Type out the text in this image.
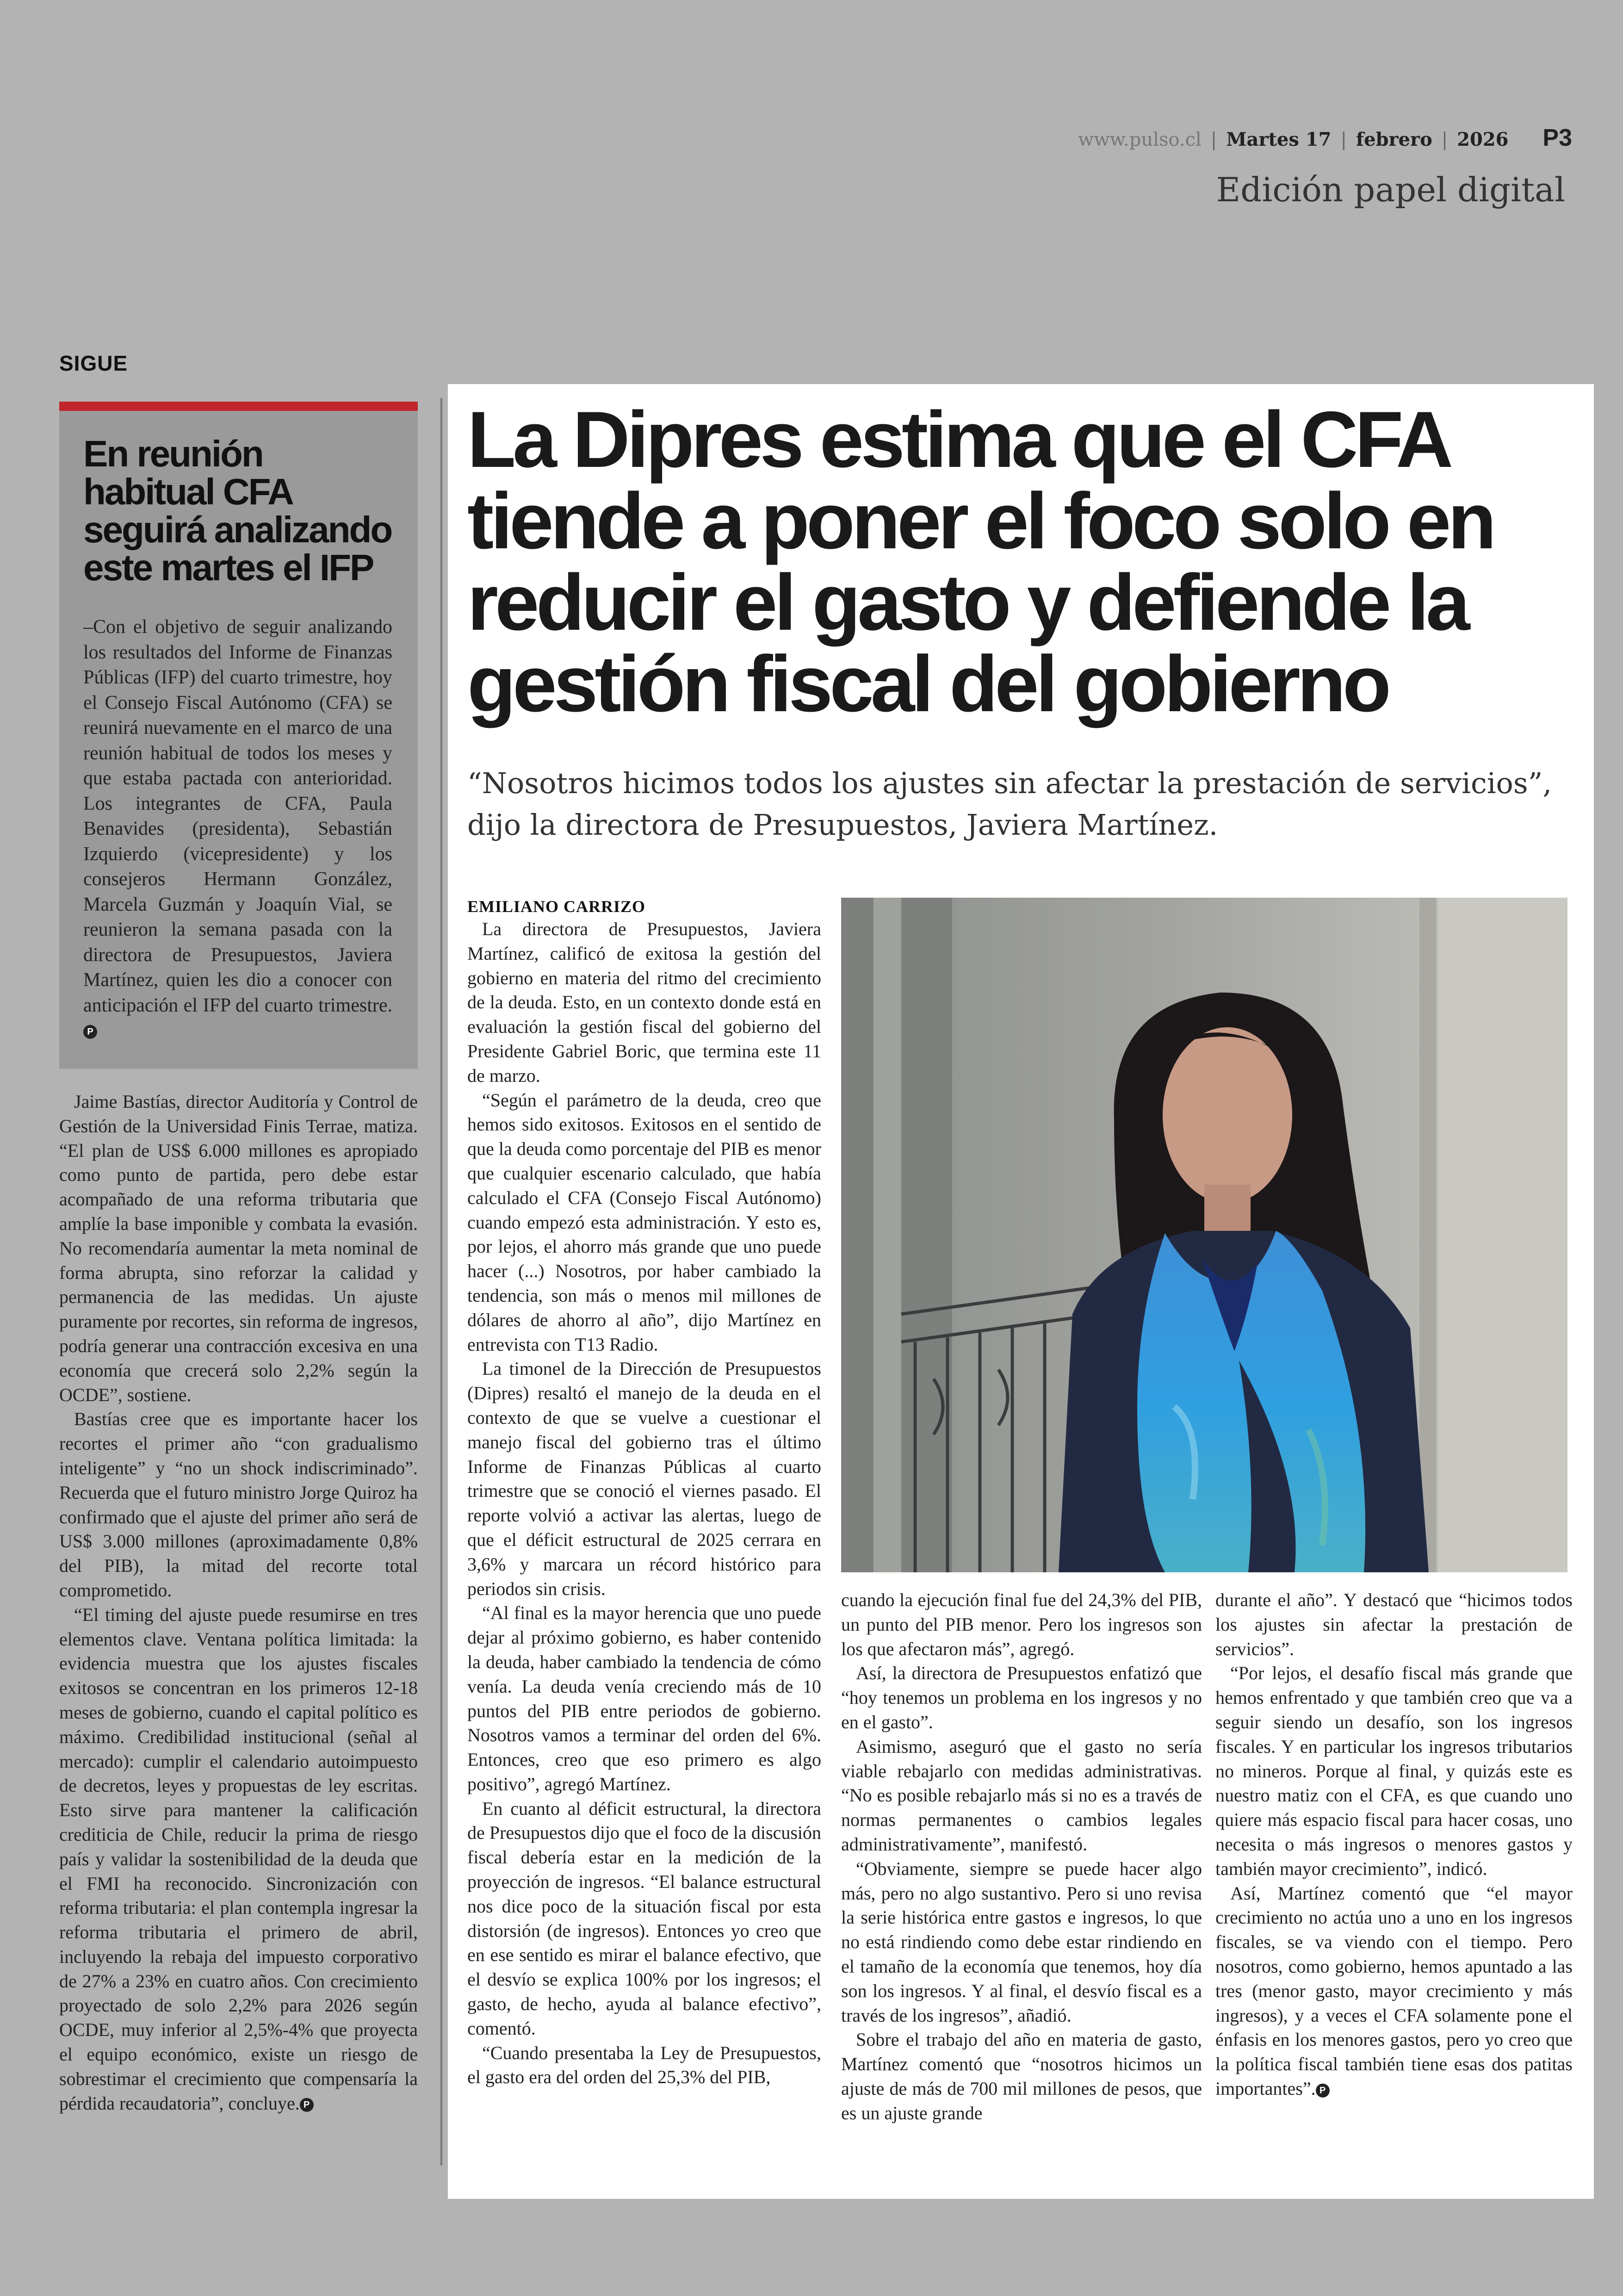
www.pulso.cl | Martes 17 | febrero | 2026 P3
Edición papel digital
SIGUE
En reunión habitual CFA seguirá analizando este martes el IFP

–Con el objetivo de seguir analizando los resultados del Informe de Finanzas Públicas (IFP) del cuarto trimestre, hoy el Consejo Fiscal Autónomo (CFA) se reunirá nuevamente en el marco de una reunión habitual de todos los meses y que estaba pactada con anterioridad. Los integrantes de CFA, Paula Benavides (presidenta), Sebastián Izquierdo (vicepresidente) y los consejeros Hermann González, Marcela Guzmán y Joaquín Vial, se reunieron la semana pasada con la directora de Presupuestos, Javiera Martínez, quien les dio a conocer con anticipación el IFP del cuarto trimestre. P

Jaime Bastías, director Auditoría y Control de Gestión de la Universidad Finis Terrae, matiza. “El plan de US$ 6.000 millones es apropiado como punto de partida, pero debe estar acompañado de una reforma tributaria que amplíe la base imponible y combata la evasión. No recomendaría aumentar la meta nominal de forma abrupta, sino reforzar la calidad y permanencia de las medidas. Un ajuste puramente por recortes, sin reforma de ingresos, podría generar una contracción excesiva en una economía que crecerá solo 2,2% según la OCDE”, sostiene.

Bastías cree que es importante hacer los recortes el primer año “con gradualismo inteligente” y “no un shock indiscriminado”. Recuerda que el futuro ministro Jorge Quiroz ha confirmado que el ajuste del primer año será de US$ 3.000 millones (aproximadamente 0,8% del PIB), la mitad del recorte total comprometido.

“El timing del ajuste puede resumirse en tres elementos clave. Ventana política limitada: la evidencia muestra que los ajustes fiscales exitosos se concentran en los primeros 12-18 meses de gobierno, cuando el capital político es máximo. Credibilidad institucional (señal al mercado): cumplir el calendario autoimpuesto de decretos, leyes y propuestas de ley escritas. Esto sirve para mantener la calificación crediticia de Chile, reducir la prima de riesgo país y validar la sostenibilidad de la deuda que el FMI ha reconocido. Sincronización con reforma tributaria: el plan contempla ingresar la reforma tributaria el primero de abril, incluyendo la rebaja del impuesto corporativo de 27% a 23% en cuatro años. Con crecimiento proyectado de solo 2,2% para 2026 según OCDE, muy inferior al 2,5%-4% que proyecta el equipo económico, existe un riesgo de sobrestimar el crecimiento que compensaría la pérdida recaudatoria”, concluye. P

La Dipres estima que el CFA tiende a poner el foco solo en reducir el gasto y defiende la gestión fiscal del gobierno
“Nosotros hicimos todos los ajustes sin afectar la prestación de servicios”, dijo la directora de Presupuestos, Javiera Martínez.
EMILIANO CARRIZO

La directora de Presupuestos, Javiera Martínez, calificó de exitosa la gestión del gobierno en materia del ritmo del crecimiento de la deuda. Esto, en un contexto donde está en evaluación la gestión fiscal del gobierno del Presidente Gabriel Boric, que termina este 11 de marzo.

“Según el parámetro de la deuda, creo que hemos sido exitosos. Exitosos en el sentido de que la deuda como porcentaje del PIB es menor que cualquier escenario calculado, que había calculado el CFA (Consejo Fiscal Autónomo) cuando empezó esta administración. Y esto es, por lejos, el ahorro más grande que uno puede hacer (...) Nosotros, por haber cambiado la tendencia, son más o menos mil millones de dólares de ahorro al año”, dijo Martínez en entrevista con T13 Radio.

La timonel de la Dirección de Presupuestos (Dipres) resaltó el manejo de la deuda en el contexto de que se vuelve a cuestionar el manejo fiscal del gobierno tras el último Informe de Finanzas Públicas al cuarto trimestre que se conoció el viernes pasado. El reporte volvió a activar las alertas, luego de que el déficit estructural de 2025 cerrara en 3,6% y marcara un récord histórico para periodos sin crisis.

“Al final es la mayor herencia que uno puede dejar al próximo gobierno, es haber contenido la deuda, haber cambiado la tendencia de cómo venía. La deuda venía creciendo más de 10 puntos del PIB entre periodos de gobierno. Nosotros vamos a terminar del orden del 6%. Entonces, creo que eso primero es algo positivo”, agregó Martínez.

En cuanto al déficit estructural, la directora de Presupuestos dijo que el foco de la discusión fiscal debería estar en la medición de la proyección de ingresos. “El balance estructural nos dice poco de la situación fiscal por esta distorsión (de ingresos). Entonces yo creo que en ese sentido es mirar el balance efectivo, que el desvío se explica 100% por los ingresos; el gasto, de hecho, ayuda al balance efectivo”, comentó.

“Cuando presentaba la Ley de Presupuestos, el gasto era del orden del 25,3% del PIB,

cuando la ejecución final fue del 24,3% del PIB, un punto del PIB menor. Pero los ingresos son los que afectaron más”, agregó.

Así, la directora de Presupuestos enfatizó que “hoy tenemos un problema en los ingresos y no en el gasto”.

Asimismo, aseguró que el gasto no sería viable rebajarlo con medidas administrativas. “No es posible rebajarlo más si no es a través de normas permanentes o cambios legales administrativamente”, manifestó.

“Obviamente, siempre se puede hacer algo más, pero no algo sustantivo. Pero si uno revisa la serie histórica entre gastos e ingresos, lo que no está rindiendo como debe estar rindiendo en el tamaño de la economía que tenemos, hoy día son los ingresos. Y al final, el desvío fiscal es a través de los ingresos”, añadió.

Sobre el trabajo del año en materia de gasto, Martínez comentó que “nosotros hicimos un ajuste de más de 700 mil millones de pesos, que es un ajuste grande

durante el año”. Y destacó que “hicimos todos los ajustes sin afectar la prestación de servicios”.

“Por lejos, el desafío fiscal más grande que hemos enfrentado y que también creo que va a seguir siendo un desafío, son los ingresos fiscales. Y en particular los ingresos tributarios no mineros. Porque al final, y quizás este es nuestro matiz con el CFA, es que cuando uno quiere más espacio fiscal para hacer cosas, uno necesita o más ingresos o menores gastos y también mayor crecimiento”, indicó.

Así, Martínez comentó que “el mayor crecimiento no actúa uno a uno en los ingresos fiscales, se va viendo con el tiempo. Pero nosotros, como gobierno, hemos apuntado a las tres (menor gasto, mayor crecimiento y más ingresos), y a veces el CFA solamente pone el énfasis en los menores gastos, pero yo creo que la política fiscal también tiene esas dos patitas importantes”. P
